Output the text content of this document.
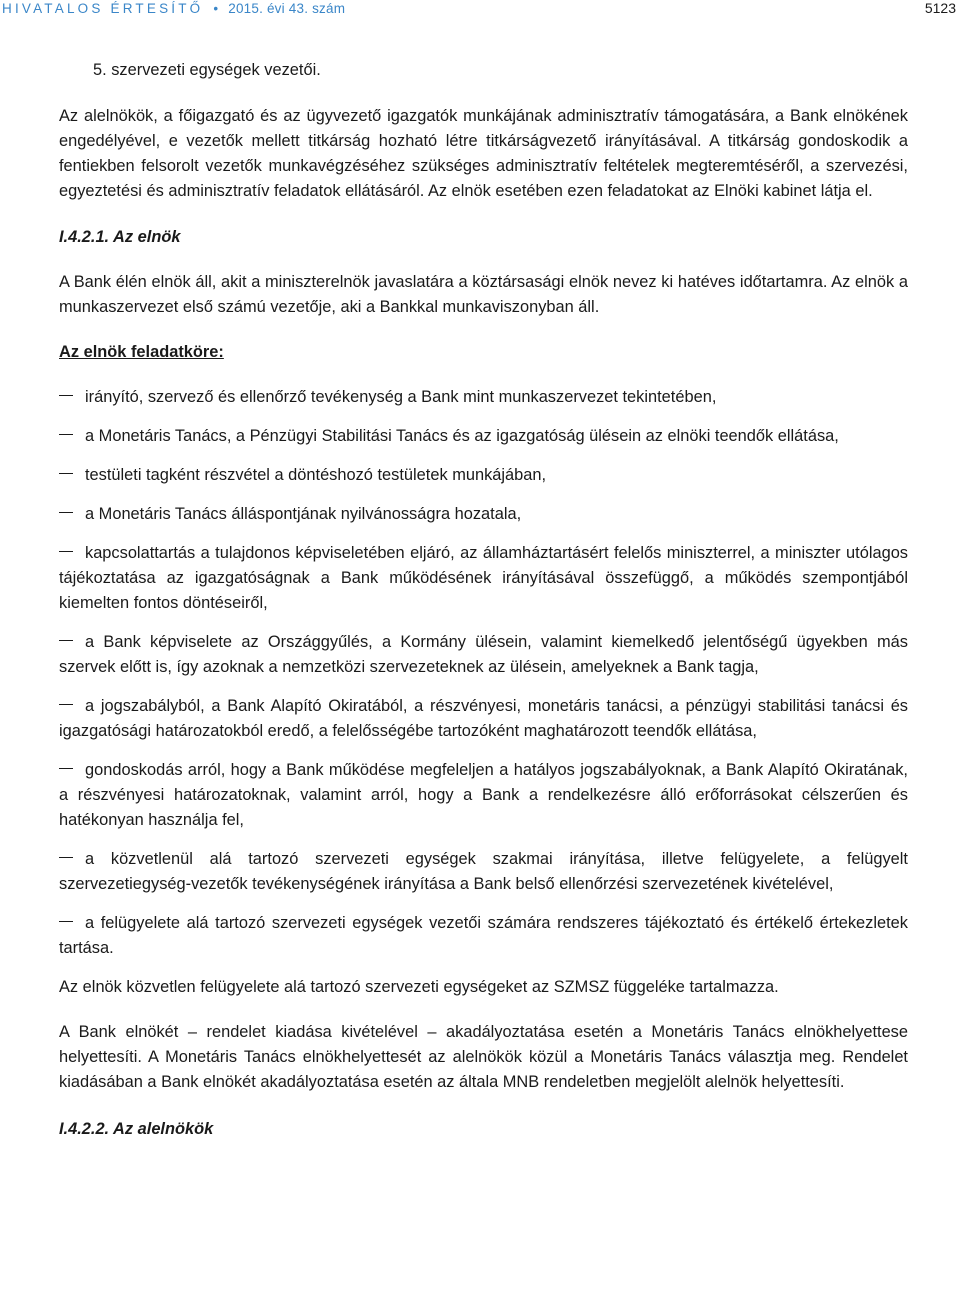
HIVATALOS ÉRTESÍTŐ • 2015. évi 43. szám	5123

5. szervezeti egységek vezetői.

Az alelnökök, a főigazgató és az ügyvezető igazgatók munkájának adminisztratív támogatására, a Bank elnökének engedélyével, e vezetők mellett titkárság hozható létre titkárságvezető irányításával. A titkárság gondoskodik a fentiekben felsorolt vezetők munkavégzéséhez szükséges adminisztratív feltételek megteremtéséről, a szervezési, egyeztetési és adminisztratív feladatok ellátásáról. Az elnök esetében ezen feladatokat az Elnöki kabinet látja el.

I.4.2.1. Az elnök

A Bank élén elnök áll, akit a miniszterelnök javaslatára a köztársasági elnök nevez ki hatéves időtartamra. Az elnök a munkaszervezet első számú vezetője, aki a Bankkal munkaviszonyban áll.

Az elnök feladatköre:

irányító, szervező és ellenőrző tevékenység a Bank mint munkaszervezet tekintetében,

a Monetáris Tanács, a Pénzügyi Stabilitási Tanács és az igazgatóság ülésein az elnöki teendők ellátása,

testületi tagként részvétel a döntéshozó testületek munkájában,

a Monetáris Tanács álláspontjának nyilvánosságra hozatala,

kapcsolattartás a tulajdonos képviseletében eljáró, az államháztartásért felelős miniszterrel, a miniszter utólagos tájékoztatása az igazgatóságnak a Bank működésének irányításával összefüggő, a működés szempontjából kiemelten fontos döntéseiről,

a Bank képviselete az Országgyűlés, a Kormány ülésein, valamint kiemelkedő jelentőségű ügyekben más szervek előtt is, így azoknak a nemzetközi szervezeteknek az ülésein, amelyeknek a Bank tagja,

a jogszabályból, a Bank Alapító Okiratából, a részvényesi, monetáris tanácsi, a pénzügyi stabilitási tanácsi és igazgatósági határozatokból eredő, a felelősségébe tartozóként maghatározott teendők ellátása,

gondoskodás arról, hogy a Bank működése megfeleljen a hatályos jogszabályoknak, a Bank Alapító Okiratának, a részvényesi határozatoknak, valamint arról, hogy a Bank a rendelkezésre álló erőforrásokat célszerűen és hatékonyan használja fel,

a közvetlenül alá tartozó szervezeti egységek szakmai irányítása, illetve felügyelete, a felügyelt szervezetiegység-vezetők tevékenységének irányítása a Bank belső ellenőrzési szervezetének kivételével,

a felügyelete alá tartozó szervezeti egységek vezetői számára rendszeres tájékoztató és értékelő értekezletek tartása.

Az elnök közvetlen felügyelete alá tartozó szervezeti egységeket az SZMSZ függeléke tartalmazza.

A Bank elnökét – rendelet kiadása kivételével – akadályoztatása esetén a Monetáris Tanács elnökhelyettese helyettesíti. A Monetáris Tanács elnökhelyettesét az alelnökök közül a Monetáris Tanács választja meg. Rendelet kiadásában a Bank elnökét akadályoztatása esetén az általa MNB rendeletben megjelölt alelnök helyettesíti.

I.4.2.2. Az alelnökök
